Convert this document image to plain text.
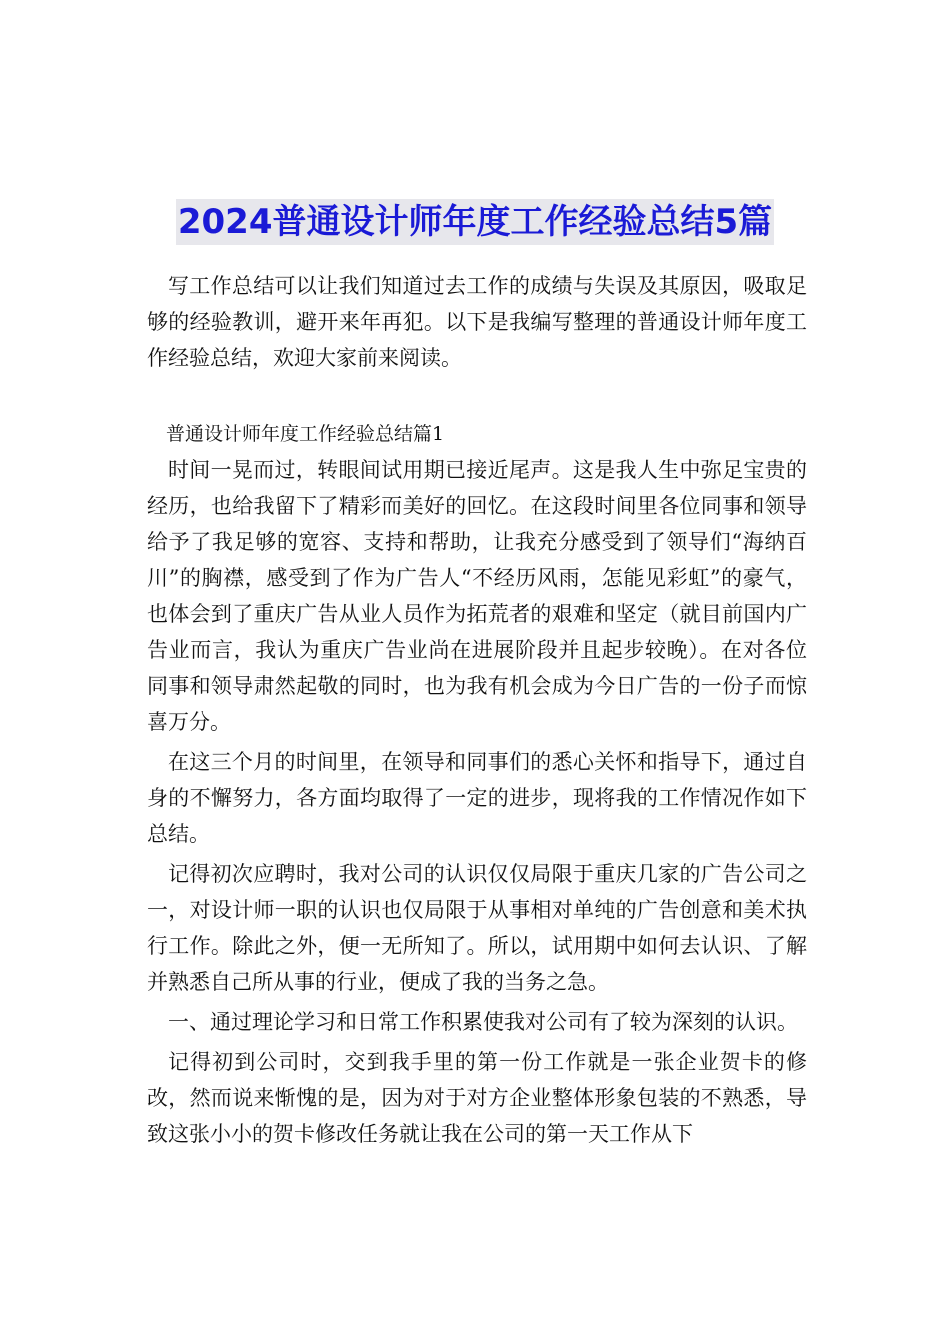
2024普通设计师年度工作经验总结5篇

写工作总结可以让我们知道过去工作的成绩与失误及其原因，吸取足够的经验教训，避开来年再犯。以下是我编写整理的普通设计师年度工作经验总结，欢迎大家前来阅读。

普通设计师年度工作经验总结篇1

时间一晃而过，转眼间试用期已接近尾声。这是我人生中弥足宝贵的经历，也给我留下了精彩而美好的回忆。在这段时间里各位同事和领导给予了我足够的宽容、支持和帮助，让我充分感受到了领导们“海纳百川”的胸襟，感受到了作为广告人“不经历风雨，怎能见彩虹”的豪气，也体会到了重庆广告从业人员作为拓荒者的艰难和坚定（就目前国内广告业而言，我认为重庆广告业尚在进展阶段并且起步较晚）。在对各位同事和领导肃然起敬的同时，也为我有机会成为今日广告的一份子而惊喜万分。

在这三个月的时间里，在领导和同事们的悉心关怀和指导下，通过自身的不懈努力，各方面均取得了一定的进步，现将我的工作情况作如下总结。

记得初次应聘时，我对公司的认识仅仅局限于重庆几家的广告公司之一，对设计师一职的认识也仅局限于从事相对单纯的广告创意和美术执行工作。除此之外，便一无所知了。所以，试用期中如何去认识、了解并熟悉自己所从事的行业，便成了我的当务之急。

一、通过理论学习和日常工作积累使我对公司有了较为深刻的认识。

记得初到公司时，交到我手里的第一份工作就是一张企业贺卡的修改，然而说来惭愧的是，因为对于对方企业整体形象包装的不熟悉，导致这张小小的贺卡修改任务就让我在公司的第一天工作从下
